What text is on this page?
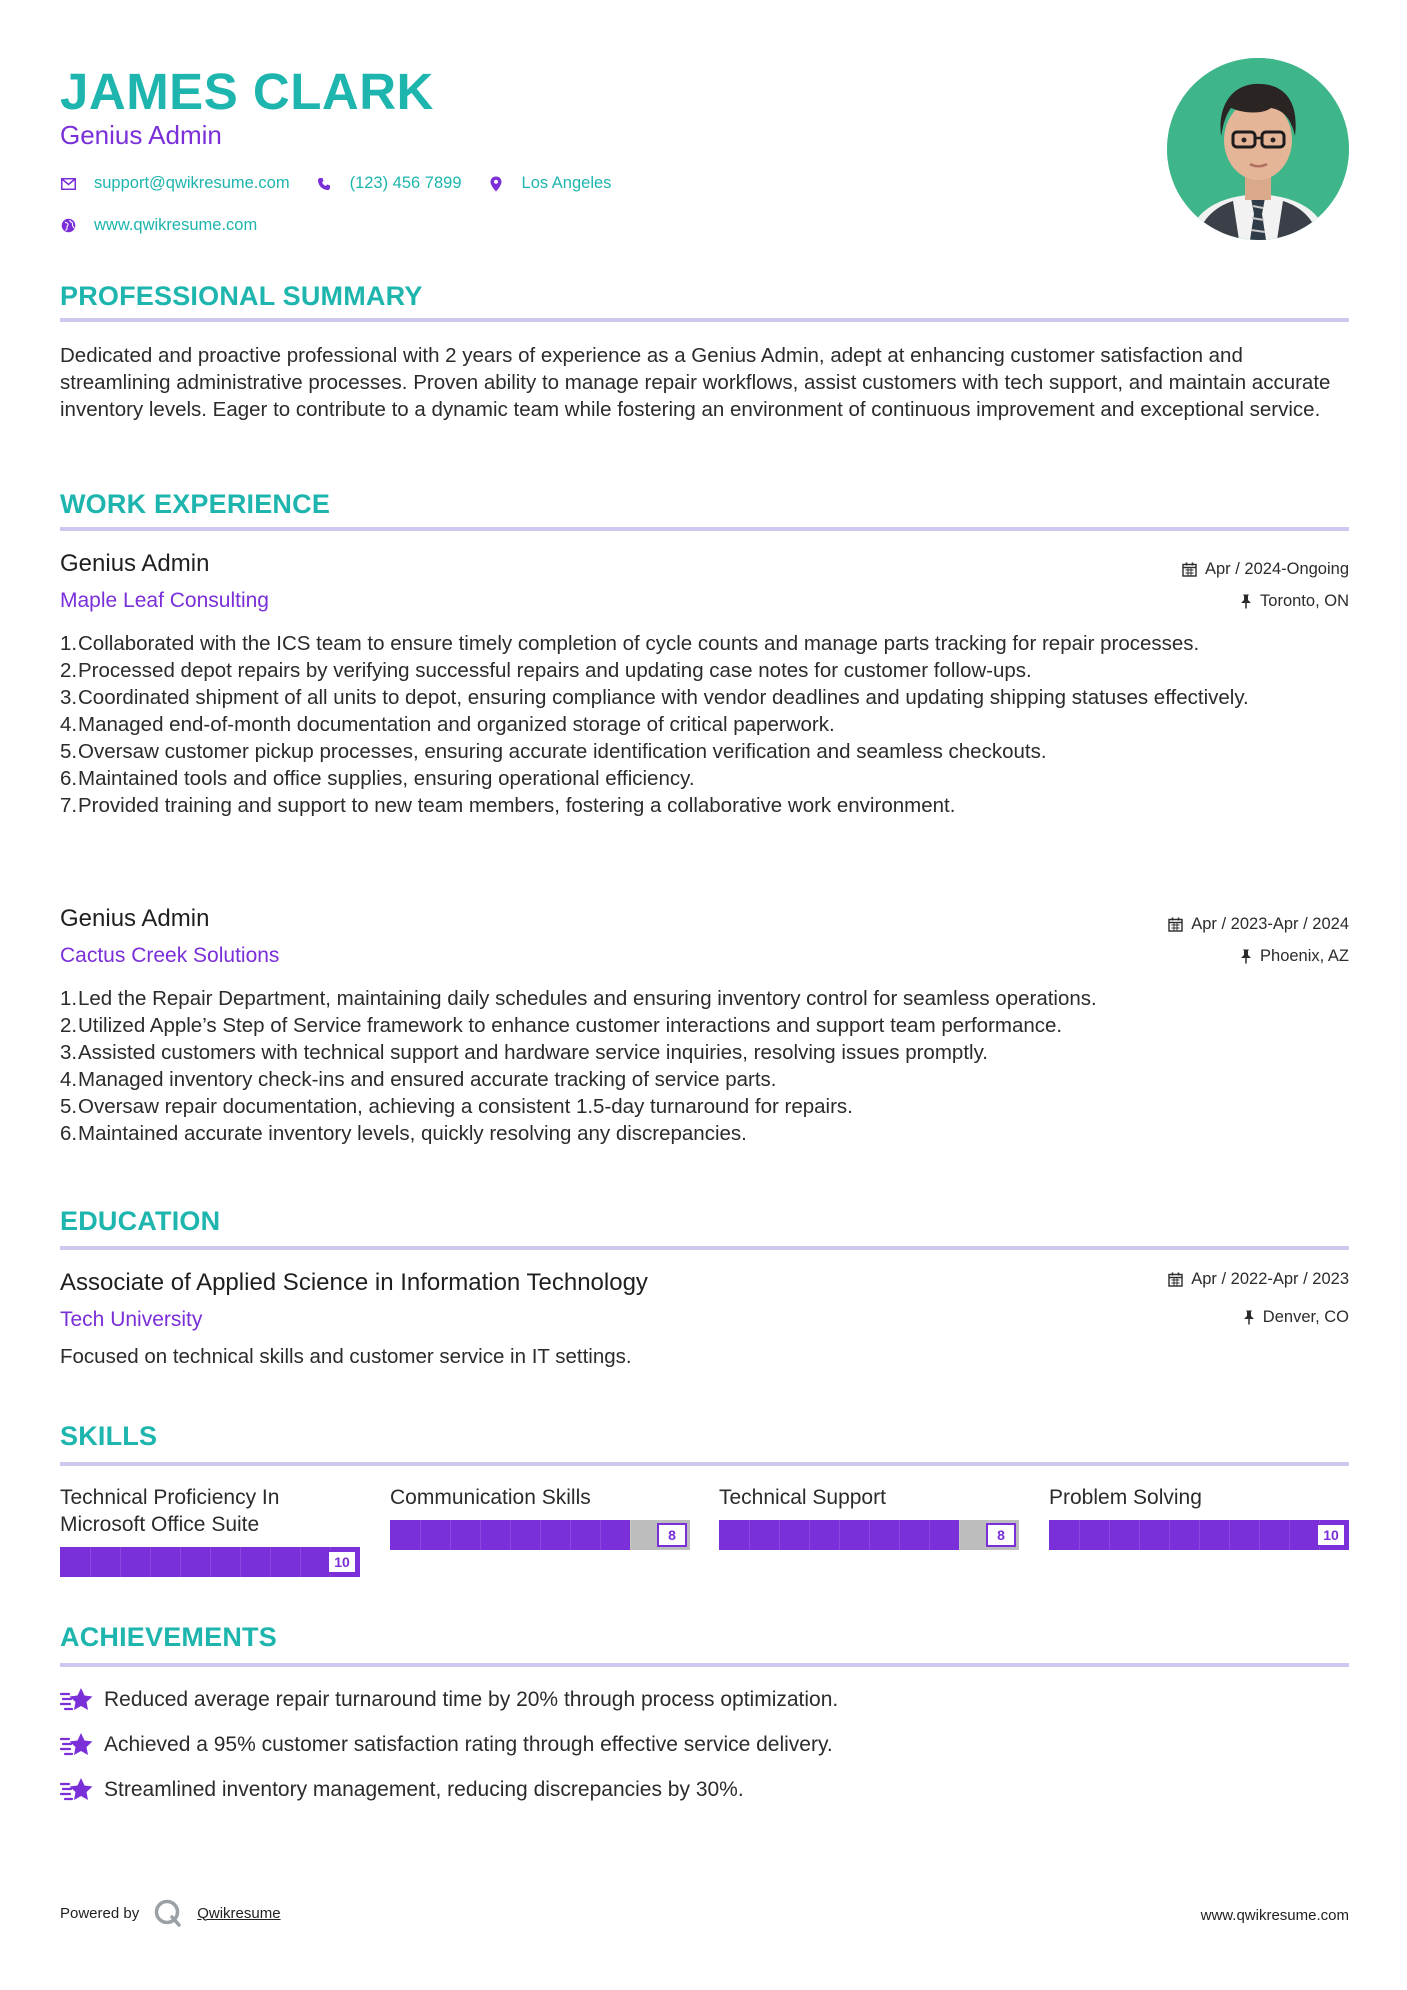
JAMES CLARK
Genius Admin
support@qwikresume.com	(123) 456 7899	Los Angeles
www.qwikresume.com
PROFESSIONAL SUMMARY
Dedicated and proactive professional with 2 years of experience as a Genius Admin, adept at enhancing customer satisfaction and streamlining administrative processes. Proven ability to manage repair workflows, assist customers with tech support, and maintain accurate inventory levels. Eager to contribute to a dynamic team while fostering an environment of continuous improvement and exceptional service.
WORK EXPERIENCE
Genius Admin	Apr / 2024-Ongoing
Maple Leaf Consulting	Toronto, ON
1. Collaborated with the ICS team to ensure timely completion of cycle counts and manage parts tracking for repair processes.
2. Processed depot repairs by verifying successful repairs and updating case notes for customer follow-ups.
3. Coordinated shipment of all units to depot, ensuring compliance with vendor deadlines and updating shipping statuses effectively.
4. Managed end-of-month documentation and organized storage of critical paperwork.
5. Oversaw customer pickup processes, ensuring accurate identification verification and seamless checkouts.
6. Maintained tools and office supplies, ensuring operational efficiency.
7. Provided training and support to new team members, fostering a collaborative work environment.
Genius Admin	Apr / 2023-Apr / 2024
Cactus Creek Solutions	Phoenix, AZ
1. Led the Repair Department, maintaining daily schedules and ensuring inventory control for seamless operations.
2. Utilized Apple’s Step of Service framework to enhance customer interactions and support team performance.
3. Assisted customers with technical support and hardware service inquiries, resolving issues promptly.
4. Managed inventory check-ins and ensured accurate tracking of service parts.
5. Oversaw repair documentation, achieving a consistent 1.5-day turnaround for repairs.
6. Maintained accurate inventory levels, quickly resolving any discrepancies.
EDUCATION
Associate of Applied Science in Information Technology	Apr / 2022-Apr / 2023
Tech University	Denver, CO
Focused on technical skills and customer service in IT settings.
SKILLS
Technical Proficiency In Microsoft Office Suite
10
Communication Skills
8
Technical Support
8
Problem Solving
10
ACHIEVEMENTS
Reduced average repair turnaround time by 20% through process optimization.
Achieved a 95% customer satisfaction rating through effective service delivery.
Streamlined inventory management, reducing discrepancies by 30%.
Powered by	Qwikresume	www.qwikresume.com
